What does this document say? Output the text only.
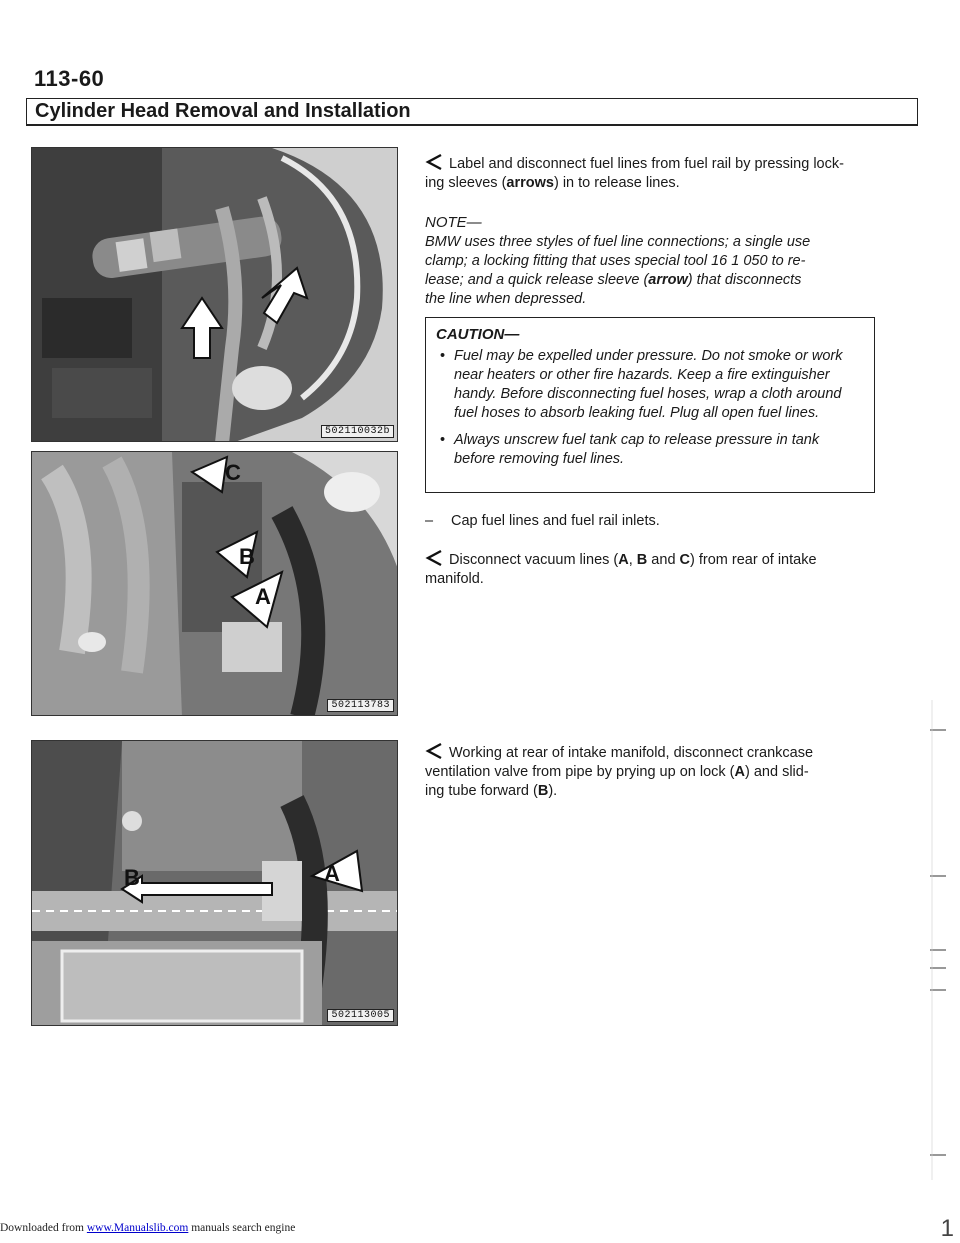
113-60
Cylinder Head Removal and Installation
502110032b
C
B
A
502113783
B	A
502113005
Label and disconnect fuel lines from fuel rail by pressing lock-
ing sleeves (arrows) in to release lines.
NOTE—
BMW uses three styles of fuel line connections; a single use
clamp; a locking fitting that uses special tool 16 1 050 to re-
lease; and a quick release sleeve (arrow) that disconnects
the line when depressed.
CAUTION—
• Fuel may be expelled under pressure. Do not smoke or work near heaters or other fire hazards. Keep a fire extinguisher handy. Before disconnecting fuel hoses, wrap a cloth around fuel hoses to absorb leaking fuel. Plug all open fuel lines.
• Always unscrew fuel tank cap to release pressure in tank before removing fuel lines.
– Cap fuel lines and fuel rail inlets.
Disconnect vacuum lines (A, B and C) from rear of intake
manifold.
Working at rear of intake manifold, disconnect crankcase
ventilation valve from pipe by prying up on lock (A) and slid-
ing tube forward (B).
Downloaded from www.Manualslib.com manuals search engine	1
